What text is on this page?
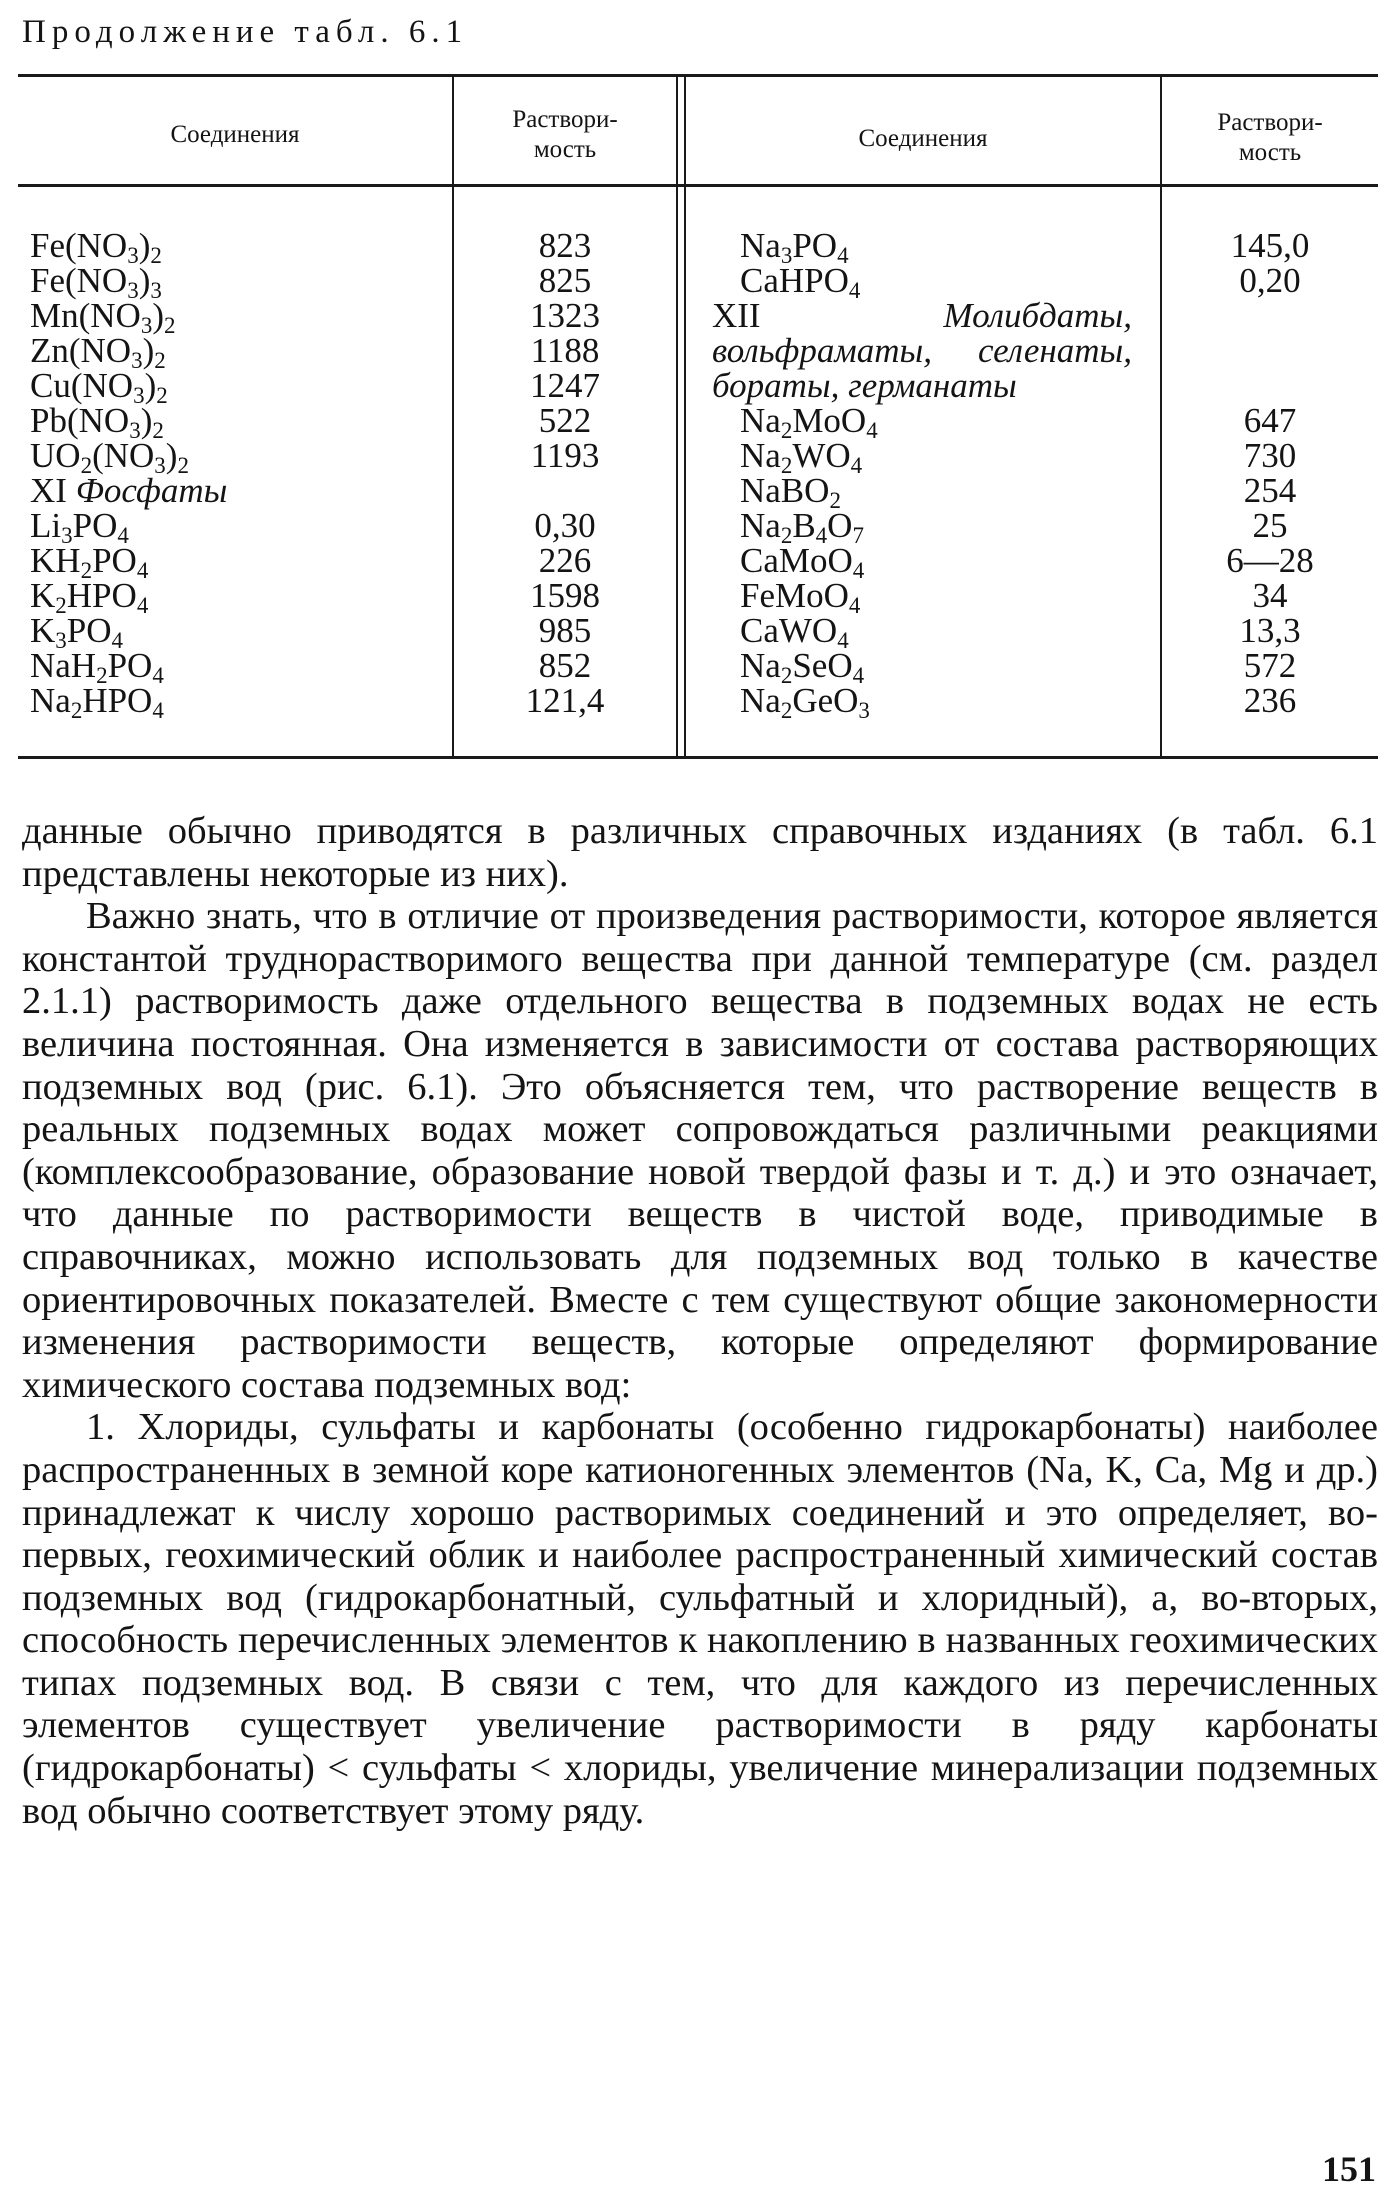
Продолжение табл. 6.1
Соединения
Раствори-
мость	Соединения
Раствори-
мость
$Fe(NO_3)_2$
$Fe(NO_3)_3$
$Mn(NO_3)_2$
$Zn(NO_3)_2$
$Cu(NO_3)_2$
$Pb(NO_3)_2$
$UO_2(NO_3)_2$
XI Фосфаты
$Li_3PO_4$
$KH_2PO_4$
$K_2HPO_4$
$K_3PO_4$
$NaH_2PO_4$
$Na_2HPO_4$
823
825
1323
1188
1247
522
1193
0,30
226
1598
985
852
121,4
$Na_3PO_4$
CaHPO$_4$
XII Молибдаты, вольфраматы, селенаты, бораты, германаты
$Na_2MoO_4$
$Na_2WO_4$
NaBO$_2$
$Na_2B_4O_7$
CaMoO$_4$
FeMoO$_4$
CaWO$_4$
$Na_2SeO_4$
$Na_2GeO_3$
145,0
0,20
647
730
254
25
6—28
34
13,3
572
236

данные обычно приводятся в различных справочных изданиях (в табл. 6.1 представлены некоторые из них).

Важно знать, что в отличие от произведения растворимости, которое является константой труднорастворимого вещества при данной температуре (см. раздел 2.1.1) растворимость даже отдельного вещества в подземных водах не есть величина постоянная. Она изменяется в зависимости от состава растворяющих подземных вод (рис. 6.1). Это объясняется тем, что растворение веществ в реальных подземных водах может сопровождаться различными реакциями (комплексообразование, образование новой твердой фазы и т. д.) и это означает, что данные по растворимости веществ в чистой воде, приводимые в справочниках, можно использовать для подземных вод только в качестве ориентировочных показателей. Вместе с тем существуют общие закономерности изменения растворимости веществ, которые определяют формирование химического состава подземных вод:

1. Хлориды, сульфаты и карбонаты (особенно гидрокарбонаты) наиболее распространенных в земной коре катионогенных элементов (Na, K, Ca, Mg и др.) принадлежат к числу хорошо растворимых соединений и это определяет, во-первых, геохимический облик и наиболее распространенный химический состав подземных вод (гидрокарбонатный, сульфатный и хлоридный), а, во-вторых, способность перечисленных элементов к накоплению в названных геохимических типах подземных вод. В связи с тем, что для каждого из перечисленных элементов существует увеличение растворимости в ряду карбонаты (гидрокарбонаты) < сульфаты < хлориды, увеличение минерализации подземных вод обычно соответствует этому ряду.

151
